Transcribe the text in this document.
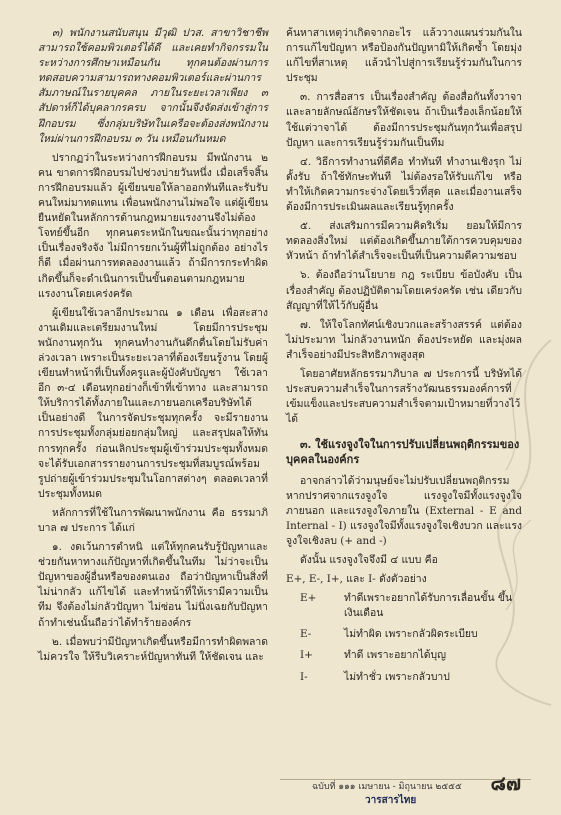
๓) พนักงานสนับสนุน มีวุฒิ ปวส. สาขาวิชาชีพ สามารถใช้คอมพิวเตอร์ได้ดี และเคยทำกิจกรรมในระหว่างการศึกษาเหมือนกัน ทุกคนต้องผ่านการทดสอบความสามารถทางคอมพิวเตอร์และผ่านการสัมภาษณ์ในรายบุคคล ภายในระยะเวลาเพียง ๓ สัปดาห์ก็ได้บุคลากรครบ จากนั้นจึงจัดส่งเข้าสู่การฝึกอบรม ซึ่งกลุ่มบริษัทในเครือจะต้องส่งพนักงานใหม่ผ่านการฝึกอบรม ๓ วัน เหมือนกันหมด

ปรากฏว่าในระหว่างการฝึกอบรม มีพนักงาน ๒ คน ขาดการฝึกอบรมไปช่วงบ่ายวันหนึ่ง เมื่อเสร็จสิ้นการฝึกอบรมแล้ว ผู้เขียนขอให้ลาออกทันทีและรับรับคนใหม่มาทดแทน เพื่อนพนักงานไม่พอใจ แต่ผู้เขียนยืนหยัดในหลักการด้านกฎหมายแรงงานจึงไม่ต้องโจทย์ขึ้นอีก ทุกคนตระหนักในขณะนั้นว่าทุกอย่างเป็นเรื่องจริงจัง ไม่มีการยกเว้นผู้ที่ไม่ถูกต้อง อย่างไรก็ดี เมื่อผ่านการทดลองงานแล้ว ถ้ามีการกระทำผิดเกิดขึ้นก็จะดำเนินการเป็นขั้นตอนตามกฎหมายแรงงานโดยเคร่งครัด

ผู้เขียนใช้เวลาอีกประมาณ ๑ เดือน เพื่อสะสางงานเดิมและเตรียมงานใหม่ โดยมีการประชุมพนักงานทุกวัน ทุกคนทำงานกันดึกดื่นโดยไม่รับค่าล่วงเวลา เพราะเป็นระยะเวลาที่ต้องเรียนรู้งาน โดยผู้เขียนทำหน้าที่เป็นทั้งครูและผู้บังคับบัญชา ใช้เวลาอีก ๓-๔ เดือนทุกอย่างก็เข้าที่เข้าทาง และสามารถให้บริการได้ทั้งภายในและภายนอกเครือบริษัทได้เป็นอย่างดี ในการจัดประชุมทุกครั้ง จะมีรายงานการประชุมทั้งกลุ่มย่อยกลุ่มใหญ่ และสรุปผลให้ทันการทุกครั้ง ก่อนเลิกประชุมผู้เข้าร่วมประชุมทั้งหมดจะได้รับเอกสารรายงานการประชุมที่สมบูรณ์พร้อมรูปถ่ายผู้เข้าร่วมประชุมในโอกาสต่างๆ ตลอดเวลาที่ประชุมทั้งหมด

หลักการที่ใช้ในการพัฒนาพนักงาน คือ ธรรมาภิบาล ๗ ประการ ได้แก่

๑. งดเว้นการตำหนิ แต่ให้ทุกคนรับรู้ปัญหาและช่วยกันหาทางแก้ปัญหาที่เกิดขึ้นในทีม ไม่ว่าจะเป็นปัญหาของผู้อื่นหรือของตนเอง ถือว่าปัญหาเป็นสิ่งที่ไม่น่ากลัว แก้ไขได้ และทำหน้าที่ให้เรามีความเป็นทีม จึงต้องไม่กลัวปัญหา ไม่ซ่อน ไม่นิ่งเฉยกับปัญหา ถ้าทำเช่นนั้นถือว่าได้ทำร้ายองค์กร

๒. เมื่อพบว่ามีปัญหาเกิดขึ้นหรือมีการทำผิดพลาด ไม่ควรใจ ให้รีบวิเคราะห์ปัญหาทันที ให้ชัดเจน และ

ค้นหาสาเหตุว่าเกิดจากอะไร แล้ววางแผนร่วมกันในการแก้ไขปัญหา หรือป้องกันปัญหามิให้เกิดซ้ำ โดยมุ่งแก้ไขที่สาเหตุ แล้วนำไปสู่การเรียนรู้ร่วมกันในการประชุม

๓. การสื่อสาร เป็นเรื่องสำคัญ ต้องสื่อกันทั้งวาจาและลายลักษณ์อักษรให้ชัดเจน ถ้าเป็นเรื่องเล็กน้อยให้ใช้แต่วาจาได้ ต้องมีการประชุมกันทุกวันเพื่อสรุปปัญหา และการเรียนรู้ร่วมกันเป็นทีม

๔. วิธีการทำงานที่ดีคือ ทำทันที ทำงานเชิงรุก ไม่ตั้งรับ ถ้าใช้ทักษะทันที ไม่ต้องรอให้รับแก้ไข หรือทำให้เกิดความกระจ่างโดยเร็วที่สุด และเมื่องานเสร็จต้องมีการประเมินผลและเรียนรู้ทุกครั้ง

๕. ส่งเสริมการมีความคิดริเริ่ม ยอมให้มีการทดลองสิ่งใหม่ แต่ต้องเกิดขึ้นภายใต้การควบคุมของหัวหน้า ถ้าทำได้สำเร็จจะเป็นที่เป็นความดีความชอบ

๖. ต้องถือว่านโยบาย กฎ ระเบียบ ข้อบังคับ เป็นเรื่องสำคัญ ต้องปฏิบัติตามโดยเคร่งครัด เช่น เดียวกับสัญญาที่ให้ไว้กับผู้อื่น

๗. ให้ใจโลกทัศน์เชิงบวกและสร้างสรรค์ แต่ต้องไม่ประมาท ไม่กลัวงานหนัก ต้องประหยัด และมุ่งผลสำเร็จอย่างมีประสิทธิภาพสูงสุด

โดยอาศัยหลักธรรมาภิบาล ๗ ประการนี้ บริษัทได้ประสบความสำเร็จในการสร้างวัฒนธรรมองค์การที่เข้มแข็งและประสบความสำเร็จตามเป้าหมายที่วางไว้ได้

๓. ใช้แรงจูงใจในการปรับเปลี่ยนพฤติกรรมของบุคคลในองค์กร

อาจกล่าวได้ว่ามนุษย์จะไม่ปรับเปลี่ยนพฤติกรรม หากปราศจากแรงจูงใจ แรงจูงใจมีทั้งแรงจูงใจภายนอก และแรงจูงใจภายใน (External - E and Internal - I) แรงจูงใจมีทั้งแรงจูงใจเชิงบวก และแรงจูงใจเชิงลบ (+ and -)

ดังนั้น แรงจูงใจจึงมี ๔ แบบ คือ

E+, E-, I+, และ I- ดังตัวอย่าง

E+	ทำดีเพราะอยากได้รับการเลื่อนขั้น ขึ้นเงินเดือน
E-	ไม่ทำผิด เพราะกลัวผิดระเบียบ
I+	ทำดี เพราะอยากได้บุญ
I-	ไม่ทำชั่ว เพราะกลัวบาป
ฉบับที่ ๑๑๑ เมษายน - มิถุนายน ๒๕๕๕
วารสารไทย
๘๗
